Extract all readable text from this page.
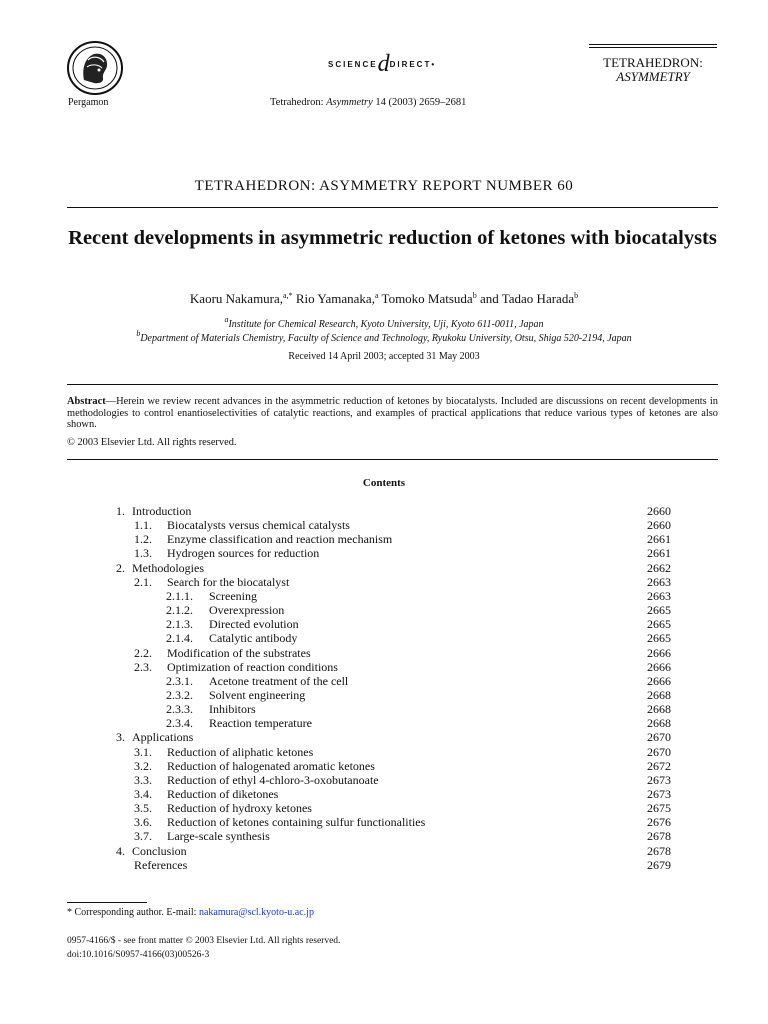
Pergamon
SCIENCEdDIRECT•
Tetrahedron: Asymmetry 14 (2003) 2659–2681
TETRAHEDRON:
ASYMMETRY
TETRAHEDRON: ASYMMETRY REPORT NUMBER 60
Recent developments in asymmetric reduction of ketones with biocatalysts
Kaoru Nakamura,$^{a,*}$ Rio Yamanaka,$^a$ Tomoko Matsuda$^b$ and Tadao Harada$^b$
$^a$Institute for Chemical Research, Kyoto University, Uji, Kyoto 611-0011, Japan
$^b$Department of Materials Chemistry, Faculty of Science and Technology, Ryukoku University, Otsu, Shiga 520-2194, Japan
Received 14 April 2003; accepted 31 May 2003
Abstract—Herein we review recent advances in the asymmetric reduction of ketones by biocatalysts. Included are discussions on recent developments in methodologies to control enantioselectivities of catalytic reactions, and examples of practical applications that reduce various types of ketones are also shown.
© 2003 Elsevier Ltd. All rights reserved.
Contents
1. Introduction	2660
1.1. Biocatalysts versus chemical catalysts	2660
1.2. Enzyme classification and reaction mechanism	2661
1.3. Hydrogen sources for reduction	2661
2. Methodologies	2662
2.1. Search for the biocatalyst	2663
2.1.1. Screening	2663
2.1.2. Overexpression	2665
2.1.3. Directed evolution	2665
2.1.4. Catalytic antibody	2665
2.2. Modification of the substrates	2666
2.3. Optimization of reaction conditions	2666
2.3.1. Acetone treatment of the cell	2666
2.3.2. Solvent engineering	2668
2.3.3. Inhibitors	2668
2.3.4. Reaction temperature	2668
3. Applications	2670
3.1. Reduction of aliphatic ketones	2670
3.2. Reduction of halogenated aromatic ketones	2672
3.3. Reduction of ethyl 4-chloro-3-oxobutanoate	2673
3.4. Reduction of diketones	2673
3.5. Reduction of hydroxy ketones	2675
3.6. Reduction of ketones containing sulfur functionalities	2676
3.7. Large-scale synthesis	2678
4. Conclusion	2678
References	2679
* Corresponding author. E-mail: nakamura@scl.kyoto-u.ac.jp
0957-4166/$ - see front matter © 2003 Elsevier Ltd. All rights reserved.
doi:10.1016/S0957-4166(03)00526-3
